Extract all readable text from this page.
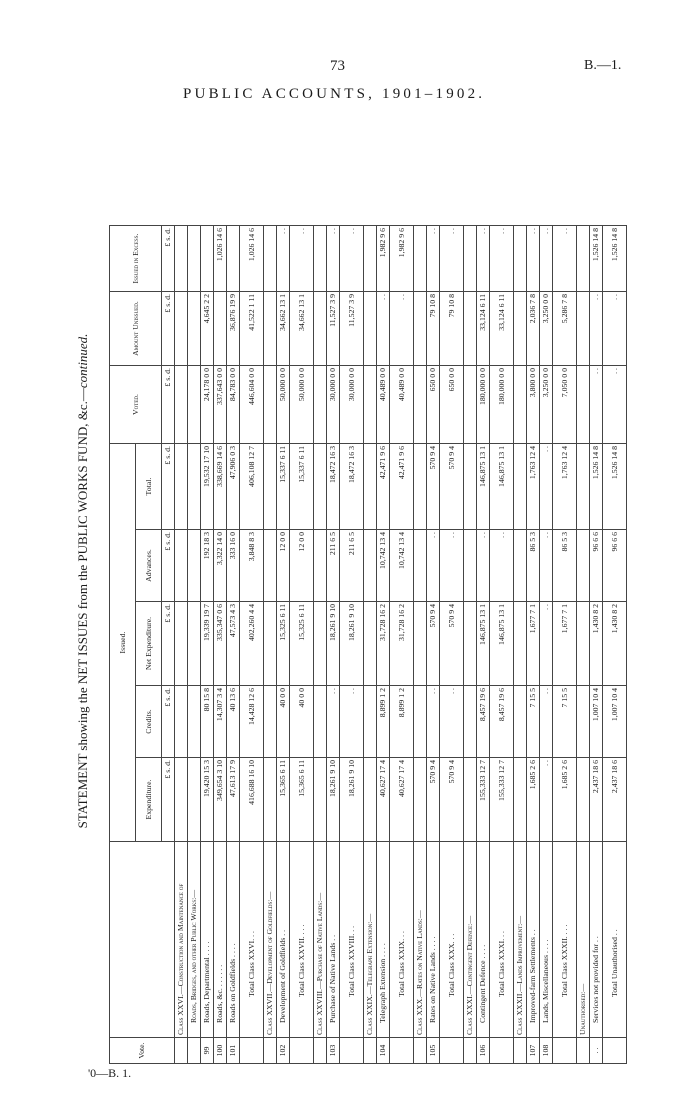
73	B.—1.
PUBLIC ACCOUNTS, 1901–1902.
STATEMENT showing the NET ISSUES from the PUBLIC WORKS FUND, &c.—continued.
Vote.		Issued.					Voted.	Amount Unissued.	Issued in Excess.
		Expenditure.	Credits.	Net Expenditure.	Advances.	Total.			
		£ s. d.	£ s. d.	£ s. d.	£ s. d.	£ s. d.	£ s. d.	£ s. d.	£ s. d.
	Class XXVI.—Construction and Maintenance of								
	Roads, Bridges, and other Public Works:—								
99	Roads, Departmental . . . .	19,420 15 3	80 15 8	19,339 19 7	192 18 3	19,532 17 10	24,178 0 0	4,645 2 2	
100	Roads, &c. . . . . . .	349,654 3 10	14,307 3 4	335,347 0 6	3,322 14 0	338,669 14 6	337,643 0 0		1,026 14 6
101	Roads on Goldfields . . . .	47,613 17 9	40 13 6	47,573 4 3	333 16 0	47,906 0 3	84,783 0 0	36,876 19 9	
	Total Class XXVI. . .	416,688 16 10	14,428 12 6	402,260 4 4	3,848 8 3	406,108 12 7	446,604 0 0	41,522 1 11	1,026 14 6
	Class XXVII.—Development of Goldfields:—								
102	Development of Goldfields . .	15,365 6 11	40 0 0	15,325 6 11	12 0 0	15,337 6 11	50,000 0 0	34,662 13 1	. .
	Total Class XXVII. . . .	15,365 6 11	40 0 0	15,325 6 11	12 0 0	15,337 6 11	50,000 0 0	34,662 13 1	. .
	Class XXVIII.—Purchase of Native Lands:—								
103	Purchase of Native Lands . .	18,261 9 10	. .	18,261 9 10	211 6 5	18,472 16 3	30,000 0 0	11,527 3 9	. .
	Total Class XXVIII. . .	18,261 9 10	. .	18,261 9 10	211 6 5	18,472 16 3	30,000 0 0	11,527 3 9	. .
	Class XXIX.—Telegraph Extension:—								
104	Telegraph Extension . . . .	40,627 17 4	8,899 1 2	31,728 16 2	10,742 13 4	42,471 9 6	40,489 0 0	. .	1,982 9 6
	Total Class XXIX. . .	40,627 17 4	8,899 1 2	31,728 16 2	10,742 13 4	42,471 9 6	40,489 0 0	. .	1,982 9 6
	Class XXX.—Rates on Native Lands:—								
105	Rates on Native Lands . . . .	570 9 4	. .	570 9 4	. .	570 9 4	650 0 0	79 10 8	. .
	Total Class XXX. . .	570 9 4	. .	570 9 4	. .	570 9 4	650 0 0	79 10 8	. .
	Class XXXI.—Contingent Defence:—								
106	Contingent Defence . . . .	155,333 12 7	8,457 19 6	146,875 13 1	. .	146,875 13 1	180,000 0 0	33,124 6 11	. .
	Total Class XXXI. . .	155,333 12 7	8,457 19 6	146,875 13 1	. .	146,875 13 1	180,000 0 0	33,124 6 11	. .
	Class XXXII.—Lands Improvement:—								
107	Improved-farm Settlements . .	1,685 2 6	7 15 5	1,677 7 1	86 5 3	1,763 12 4	3,800 0 0	2,036 7 8	. .
108	Lands, Miscellaneous . . . .	. .	. .	. .	. .	. .	3,250 0 0	3,250 0 0	. .
	Total Class XXXII. . . .	1,685 2 6	7 15 5	1,677 7 1	86 5 3	1,763 12 4	7,050 0 0	5,286 7 8	. .
	Unauthorised:—								
. .	Services not provided for . .	2,437 18 6	1,007 10 4	1,430 8 2	96 6 6	1,526 14 8	. .	. .	1,526 14 8
	Total Unauthorised . .	2,437 18 6	1,007 10 4	1,430 8 2	96 6 6	1,526 14 8	. .	. .	1,526 14 8
'0—B. 1.
